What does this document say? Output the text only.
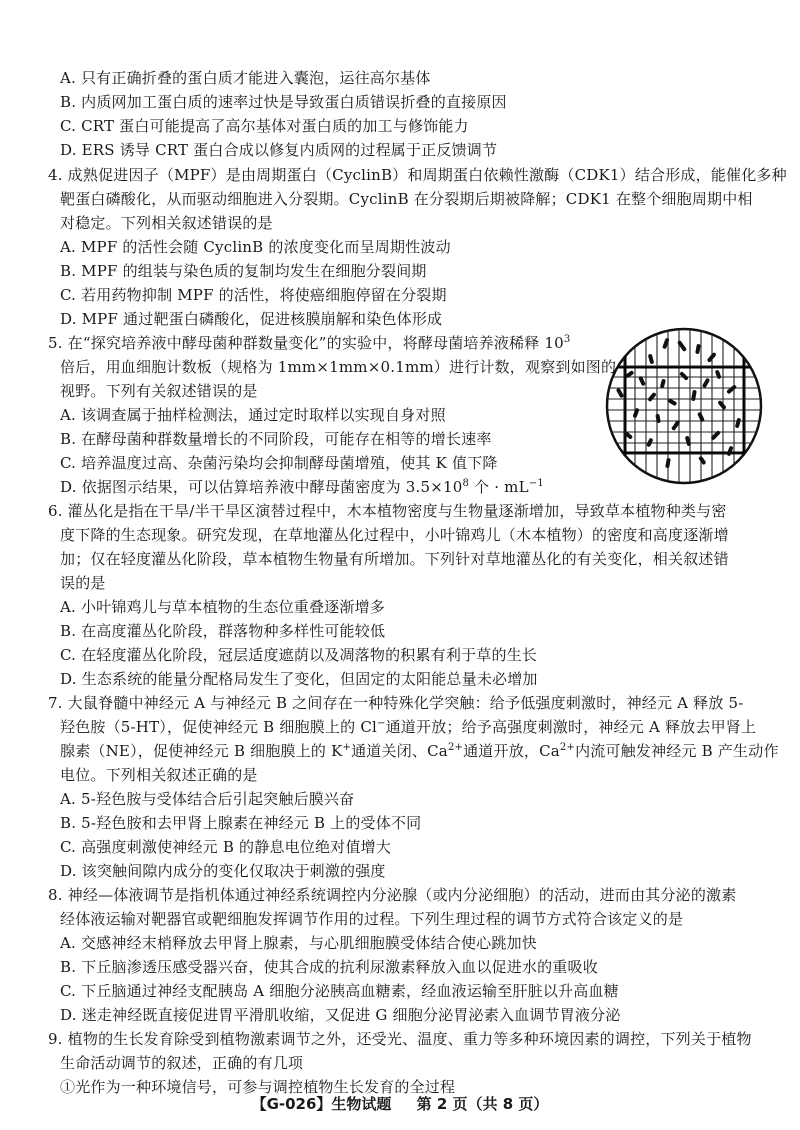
A. 只有正确折叠的蛋白质才能进入囊泡，运往高尔基体
B. 内质网加工蛋白质的速率过快是导致蛋白质错误折叠的直接原因
C. CRT 蛋白可能提高了高尔基体对蛋白质的加工与修饰能力
D. ERS 诱导 CRT 蛋白合成以修复内质网的过程属于正反馈调节
4. 成熟促进因子（MPF）是由周期蛋白（CyclinB）和周期蛋白依赖性激酶（CDK1）结合形成，能催化多种
靶蛋白磷酸化，从而驱动细胞进入分裂期。CyclinB 在分裂期后期被降解；CDK1 在整个细胞周期中相
对稳定。下列相关叙述错误的是
A. MPF 的活性会随 CyclinB 的浓度变化而呈周期性波动
B. MPF 的组装与染色质的复制均发生在细胞分裂间期
C. 若用药物抑制 MPF 的活性，将使癌细胞停留在分裂期
D. MPF 通过靶蛋白磷酸化，促进核膜崩解和染色体形成
5. 在“探究培养液中酵母菌种群数量变化”的实验中，将酵母菌培养液稀释 $10^3$
倍后，用血细胞计数板（规格为 1mm×1mm×0.1mm）进行计数，观察到如图的
视野。下列有关叙述错误的是
A. 该调查属于抽样检测法，通过定时取样以实现自身对照
B. 在酵母菌种群数量增长的不同阶段，可能存在相等的增长速率
C. 培养温度过高、杂菌污染均会抑制酵母菌增殖，使其 K 值下降
D. 依据图示结果，可以估算培养液中酵母菌密度为 $3.5\times 10^8$ 个 · $mL^{-1}$
6. 灌丛化是指在干旱/半干旱区演替过程中，木本植物密度与生物量逐渐增加，导致草本植物种类与密
度下降的生态现象。研究发现，在草地灌丛化过程中，小叶锦鸡儿（木本植物）的密度和高度逐渐增
加；仅在轻度灌丛化阶段，草本植物生物量有所增加。下列针对草地灌丛化的有关变化，相关叙述错
误的是
A. 小叶锦鸡儿与草本植物的生态位重叠逐渐增多
B. 在高度灌丛化阶段，群落物种多样性可能较低
C. 在轻度灌丛化阶段，冠层适度遮荫以及凋落物的积累有利于草的生长
D. 生态系统的能量分配格局发生了变化，但固定的太阳能总量未必增加
7. 大鼠脊髓中神经元 A 与神经元 B 之间存在一种特殊化学突触：给予低强度刺激时，神经元 A 释放 5-
羟色胺（5-HT），促使神经元 B 细胞膜上的 Cl−通道开放；给予高强度刺激时，神经元 A 释放去甲肾上
腺素（NE），促使神经元 B 细胞膜上的 K+通道关闭、$Ca^{2+}$通道开放，$Ca^{2+}$内流可触发神经元 B 产生动作
电位。下列相关叙述正确的是
A. 5-羟色胺与受体结合后引起突触后膜兴奋
B. 5-羟色胺和去甲肾上腺素在神经元 B 上的受体不同
C. 高强度刺激使神经元 B 的静息电位绝对值增大
D. 该突触间隙内成分的变化仅取决于刺激的强度
8. 神经—体液调节是指机体通过神经系统调控内分泌腺（或内分泌细胞）的活动，进而由其分泌的激素
经体液运输对靶器官或靶细胞发挥调节作用的过程。下列生理过程的调节方式符合该定义的是
A. 交感神经末梢释放去甲肾上腺素，与心肌细胞膜受体结合使心跳加快
B. 下丘脑渗透压感受器兴奋，使其合成的抗利尿激素释放入血以促进水的重吸收
C. 下丘脑通过神经支配胰岛 A 细胞分泌胰高血糖素，经血液运输至肝脏以升高血糖
D. 迷走神经既直接促进胃平滑肌收缩，又促进 G 细胞分泌胃泌素入血调节胃液分泌
9. 植物的生长发育除受到植物激素调节之外，还受光、温度、重力等多种环境因素的调控，下列关于植物
生命活动调节的叙述，正确的有几项
①光作为一种环境信号，可参与调控植物生长发育的全过程
【G-026】生物试题 第 2 页（共 8 页）
